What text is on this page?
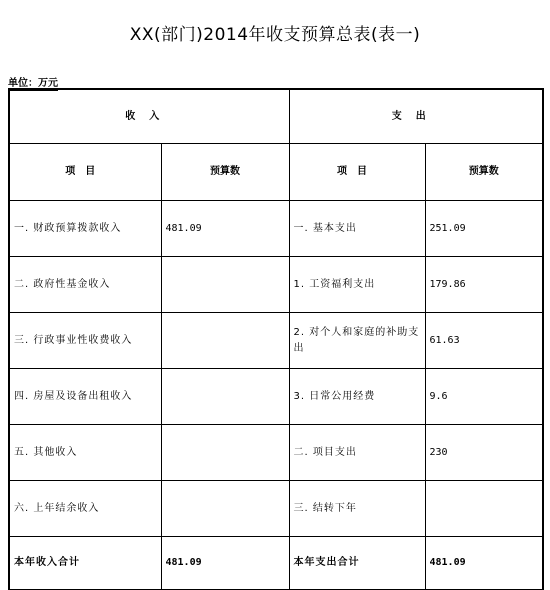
XX(部门)2014年收支预算总表(表一)
单位：万元
收入		支出	
项目	预算数	项目	预算数
一. 财政预算拨款收入	481.09	一. 基本支出	251.09
二. 政府性基金收入		1. 工资福利支出	179.86
三. 行政事业性收费收入		2. 对个人和家庭的补助支出	61.63
四. 房屋及设备出租收入		3. 日常公用经费	9.6
五. 其他收入		二. 项目支出	230
六. 上年结余收入		三. 结转下年	
本年收入合计	481.09	本年支出合计	481.09
